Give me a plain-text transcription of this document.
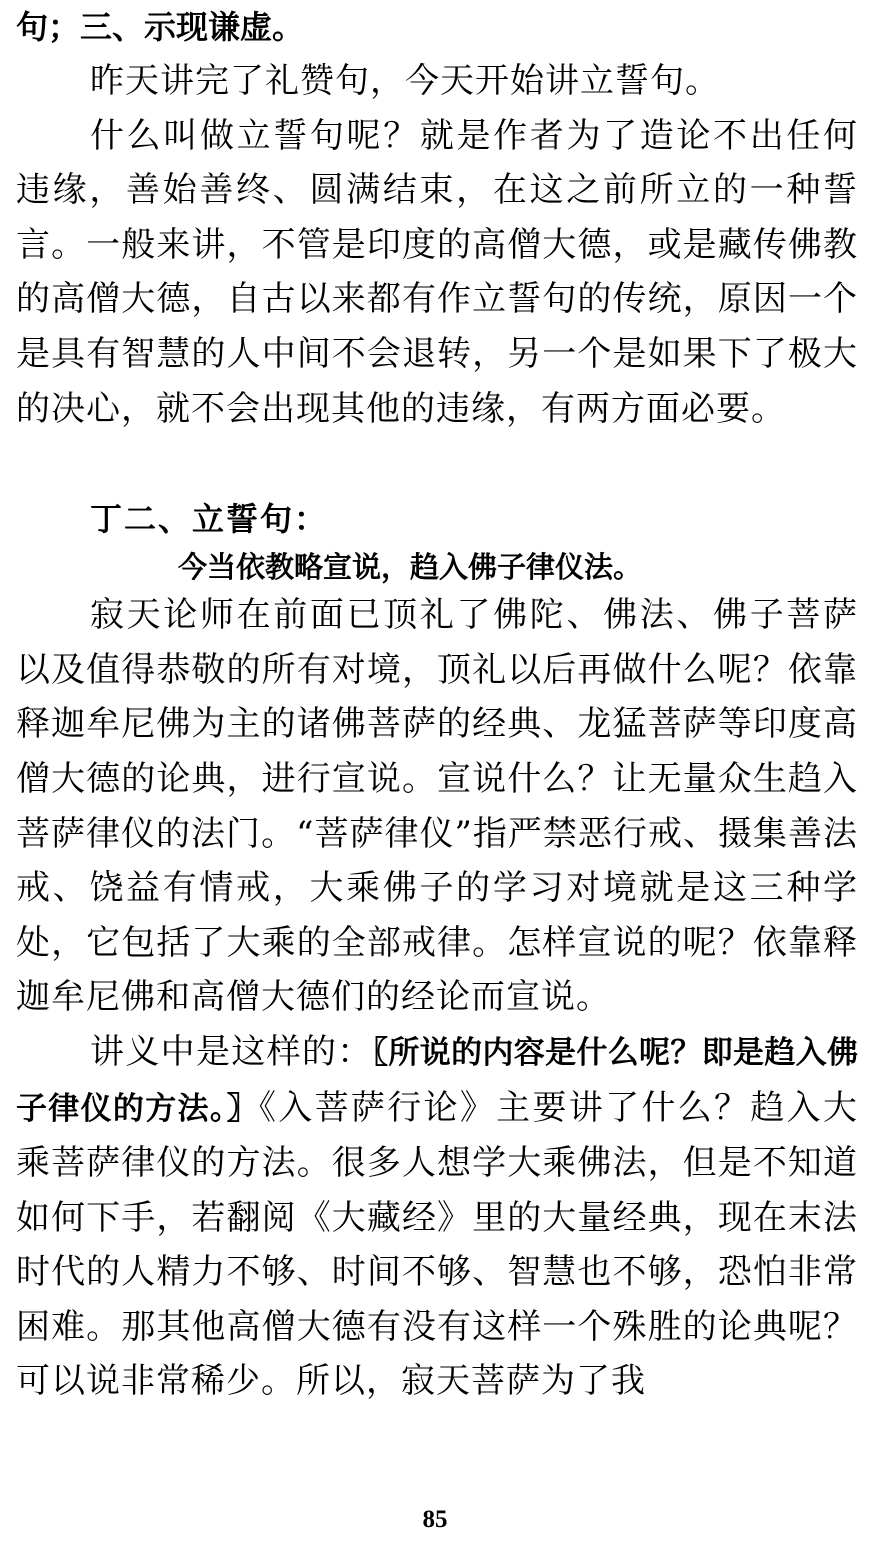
句；三、示现谦虚。

昨天讲完了礼赞句，今天开始讲立誓句。

什么叫做立誓句呢？就是作者为了造论不出任何违缘，善始善终、圆满结束，在这之前所立的一种誓言。一般来讲，不管是印度的高僧大德，或是藏传佛教的高僧大德，自古以来都有作立誓句的传统，原因一个是具有智慧的人中间不会退转，另一个是如果下了极大的决心，就不会出现其他的违缘，有两方面必要。

丁二、立誓句：

今当依教略宣说，趋入佛子律仪法。

寂天论师在前面已顶礼了佛陀、佛法、佛子菩萨以及值得恭敬的所有对境，顶礼以后再做什么呢？依靠释迦牟尼佛为主的诸佛菩萨的经典、龙猛菩萨等印度高僧大德的论典，进行宣说。宣说什么？让无量众生趋入菩萨律仪的法门。“菩萨律仪”指严禁恶行戒、摄集善法戒、饶益有情戒，大乘佛子的学习对境就是这三种学处，它包括了大乘的全部戒律。怎样宣说的呢？依靠释迦牟尼佛和高僧大德们的经论而宣说。

讲义中是这样的：〖所说的内容是什么呢？即是趋入佛子律仪的方法。〗《入菩萨行论》主要讲了什么？趋入大乘菩萨律仪的方法。很多人想学大乘佛法，但是不知道如何下手，若翻阅《大藏经》里的大量经典，现在末法时代的人精力不够、时间不够、智慧也不够，恐怕非常困难。那其他高僧大德有没有这样一个殊胜的论典呢？可以说非常稀少。所以，寂天菩萨为了我

85
